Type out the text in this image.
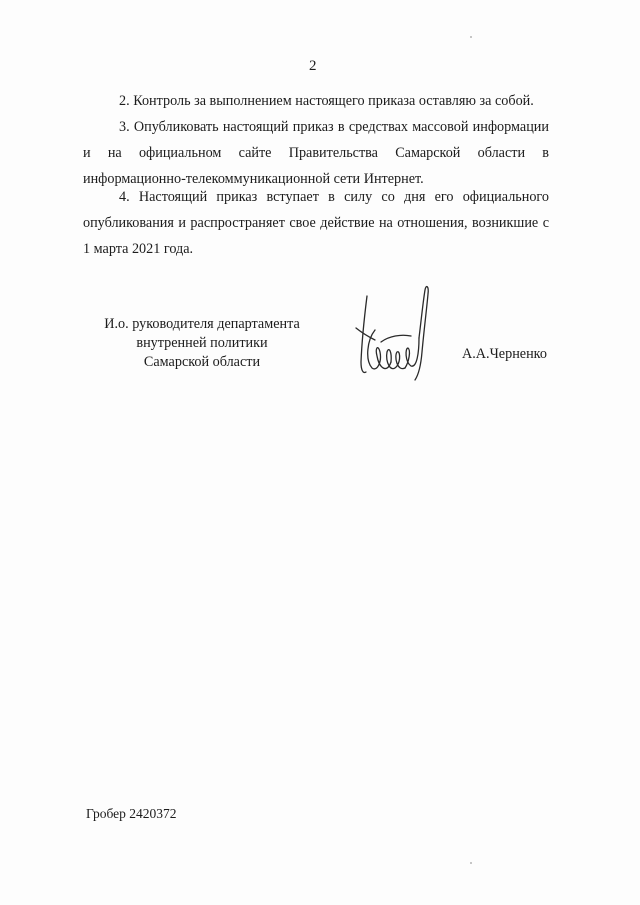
2

2. Контроль за выполнением настоящего приказа оставляю за собой.

3. Опубликовать настоящий приказ в средствах массовой информации и на официальном сайте Правительства Самарской области в информационно-телекоммуникационной сети Интернет.

4. Настоящий приказ вступает в силу со дня его официального опубликования и распространяет свое действие на отношения, возникшие с 1 марта 2021 года.

И.о. руководителя департамента
внутренней политики
Самарской области	А.А.Черненко
Гробер 2420372
